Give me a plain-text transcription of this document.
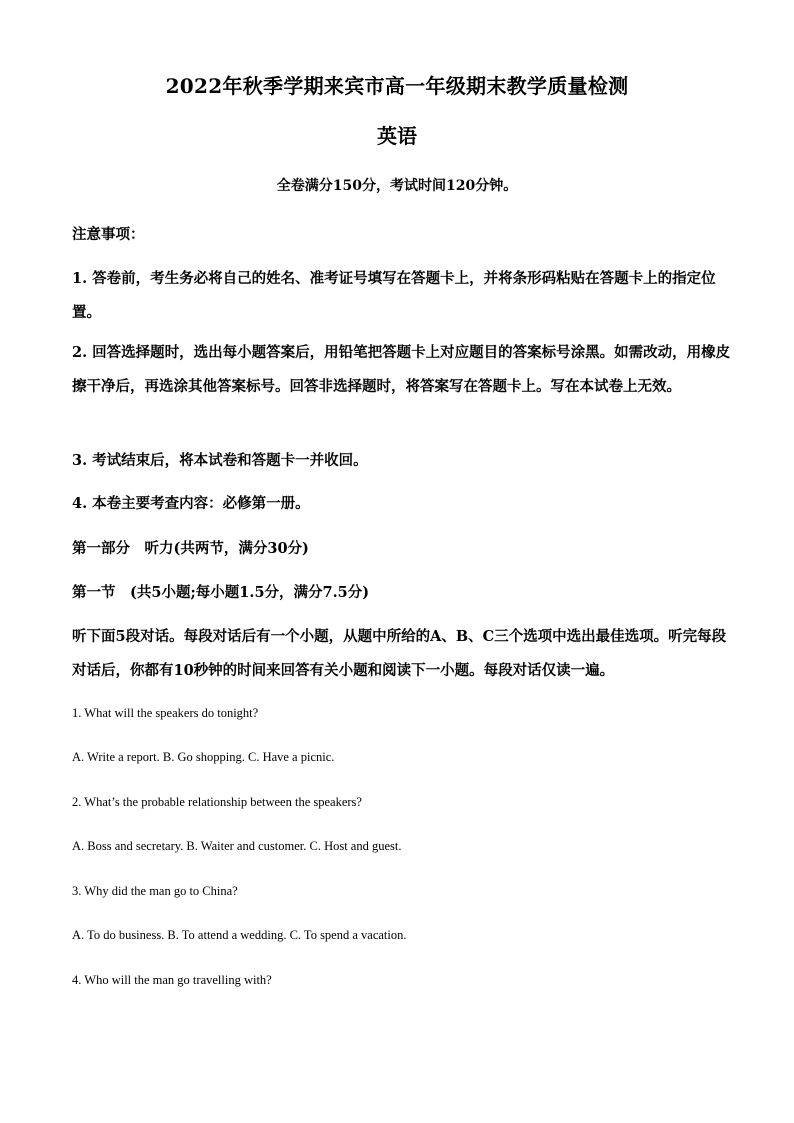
2022年秋季学期来宾市高一年级期末教学质量检测
英语
全卷满分150分，考试时间120分钟。
注意事项：
1. 答卷前，考生务必将自己的姓名、准考证号填写在答题卡上，并将条形码粘贴在答题卡上的指定位置。
2. 回答选择题时，选出每小题答案后，用铅笔把答题卡上对应题目的答案标号涂黑。如需改动，用橡皮擦干净后，再选涂其他答案标号。回答非选择题时，将答案写在答题卡上。写在本试卷上无效。
3. 考试结束后，将本试卷和答题卡一并收回。
4. 本卷主要考查内容：必修第一册。
第一部分　听力(共两节，满分30分)
第一节　(共5小题;每小题1.5分，满分7.5分)
听下面5段对话。每段对话后有一个小题，从题中所给的A、B、C三个选项中选出最佳选项。听完每段对话后，你都有10秒钟的时间来回答有关小题和阅读下一小题。每段对话仅读一遍。
1. What will the speakers do tonight?
A. Write a report. B. Go shopping. C. Have a picnic.
2. What’s the probable relationship between the speakers?
A. Boss and secretary. B. Waiter and customer. C. Host and guest.
3. Why did the man go to China?
A. To do business. B. To attend a wedding. C. To spend a vacation.
4. Who will the man go travelling with?
